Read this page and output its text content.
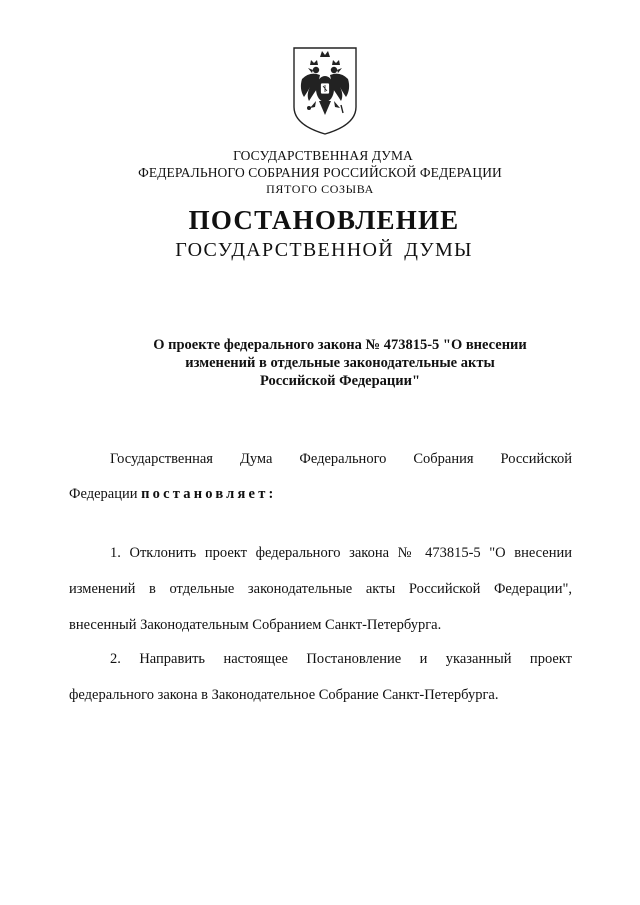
ГОСУДАРСТВЕННАЯ ДУМА
ФЕДЕРАЛЬНОГО СОБРАНИЯ РОССИЙСКОЙ ФЕДЕРАЦИИ
ПЯТОГО СОЗЫВА
ПОСТАНОВЛЕНИЕ
ГОСУДАРСТВЕННОЙ ДУМЫ
О проекте федерального закона № 473815-5 "О внесении
изменений в отдельные законодательные акты
Российской Федерации"
Государственная Дума Федерального Собрания Российской
Федерации постановляет:
1. Отклонить проект федерального закона № 473815-5 "О внесении
изменений в отдельные законодательные акты Российской Федерации",
внесенный Законодательным Собранием Санкт-Петербурга.
2. Направить настоящее Постановление и указанный проект
федерального закона в Законодательное Собрание Санкт-Петербурга.
